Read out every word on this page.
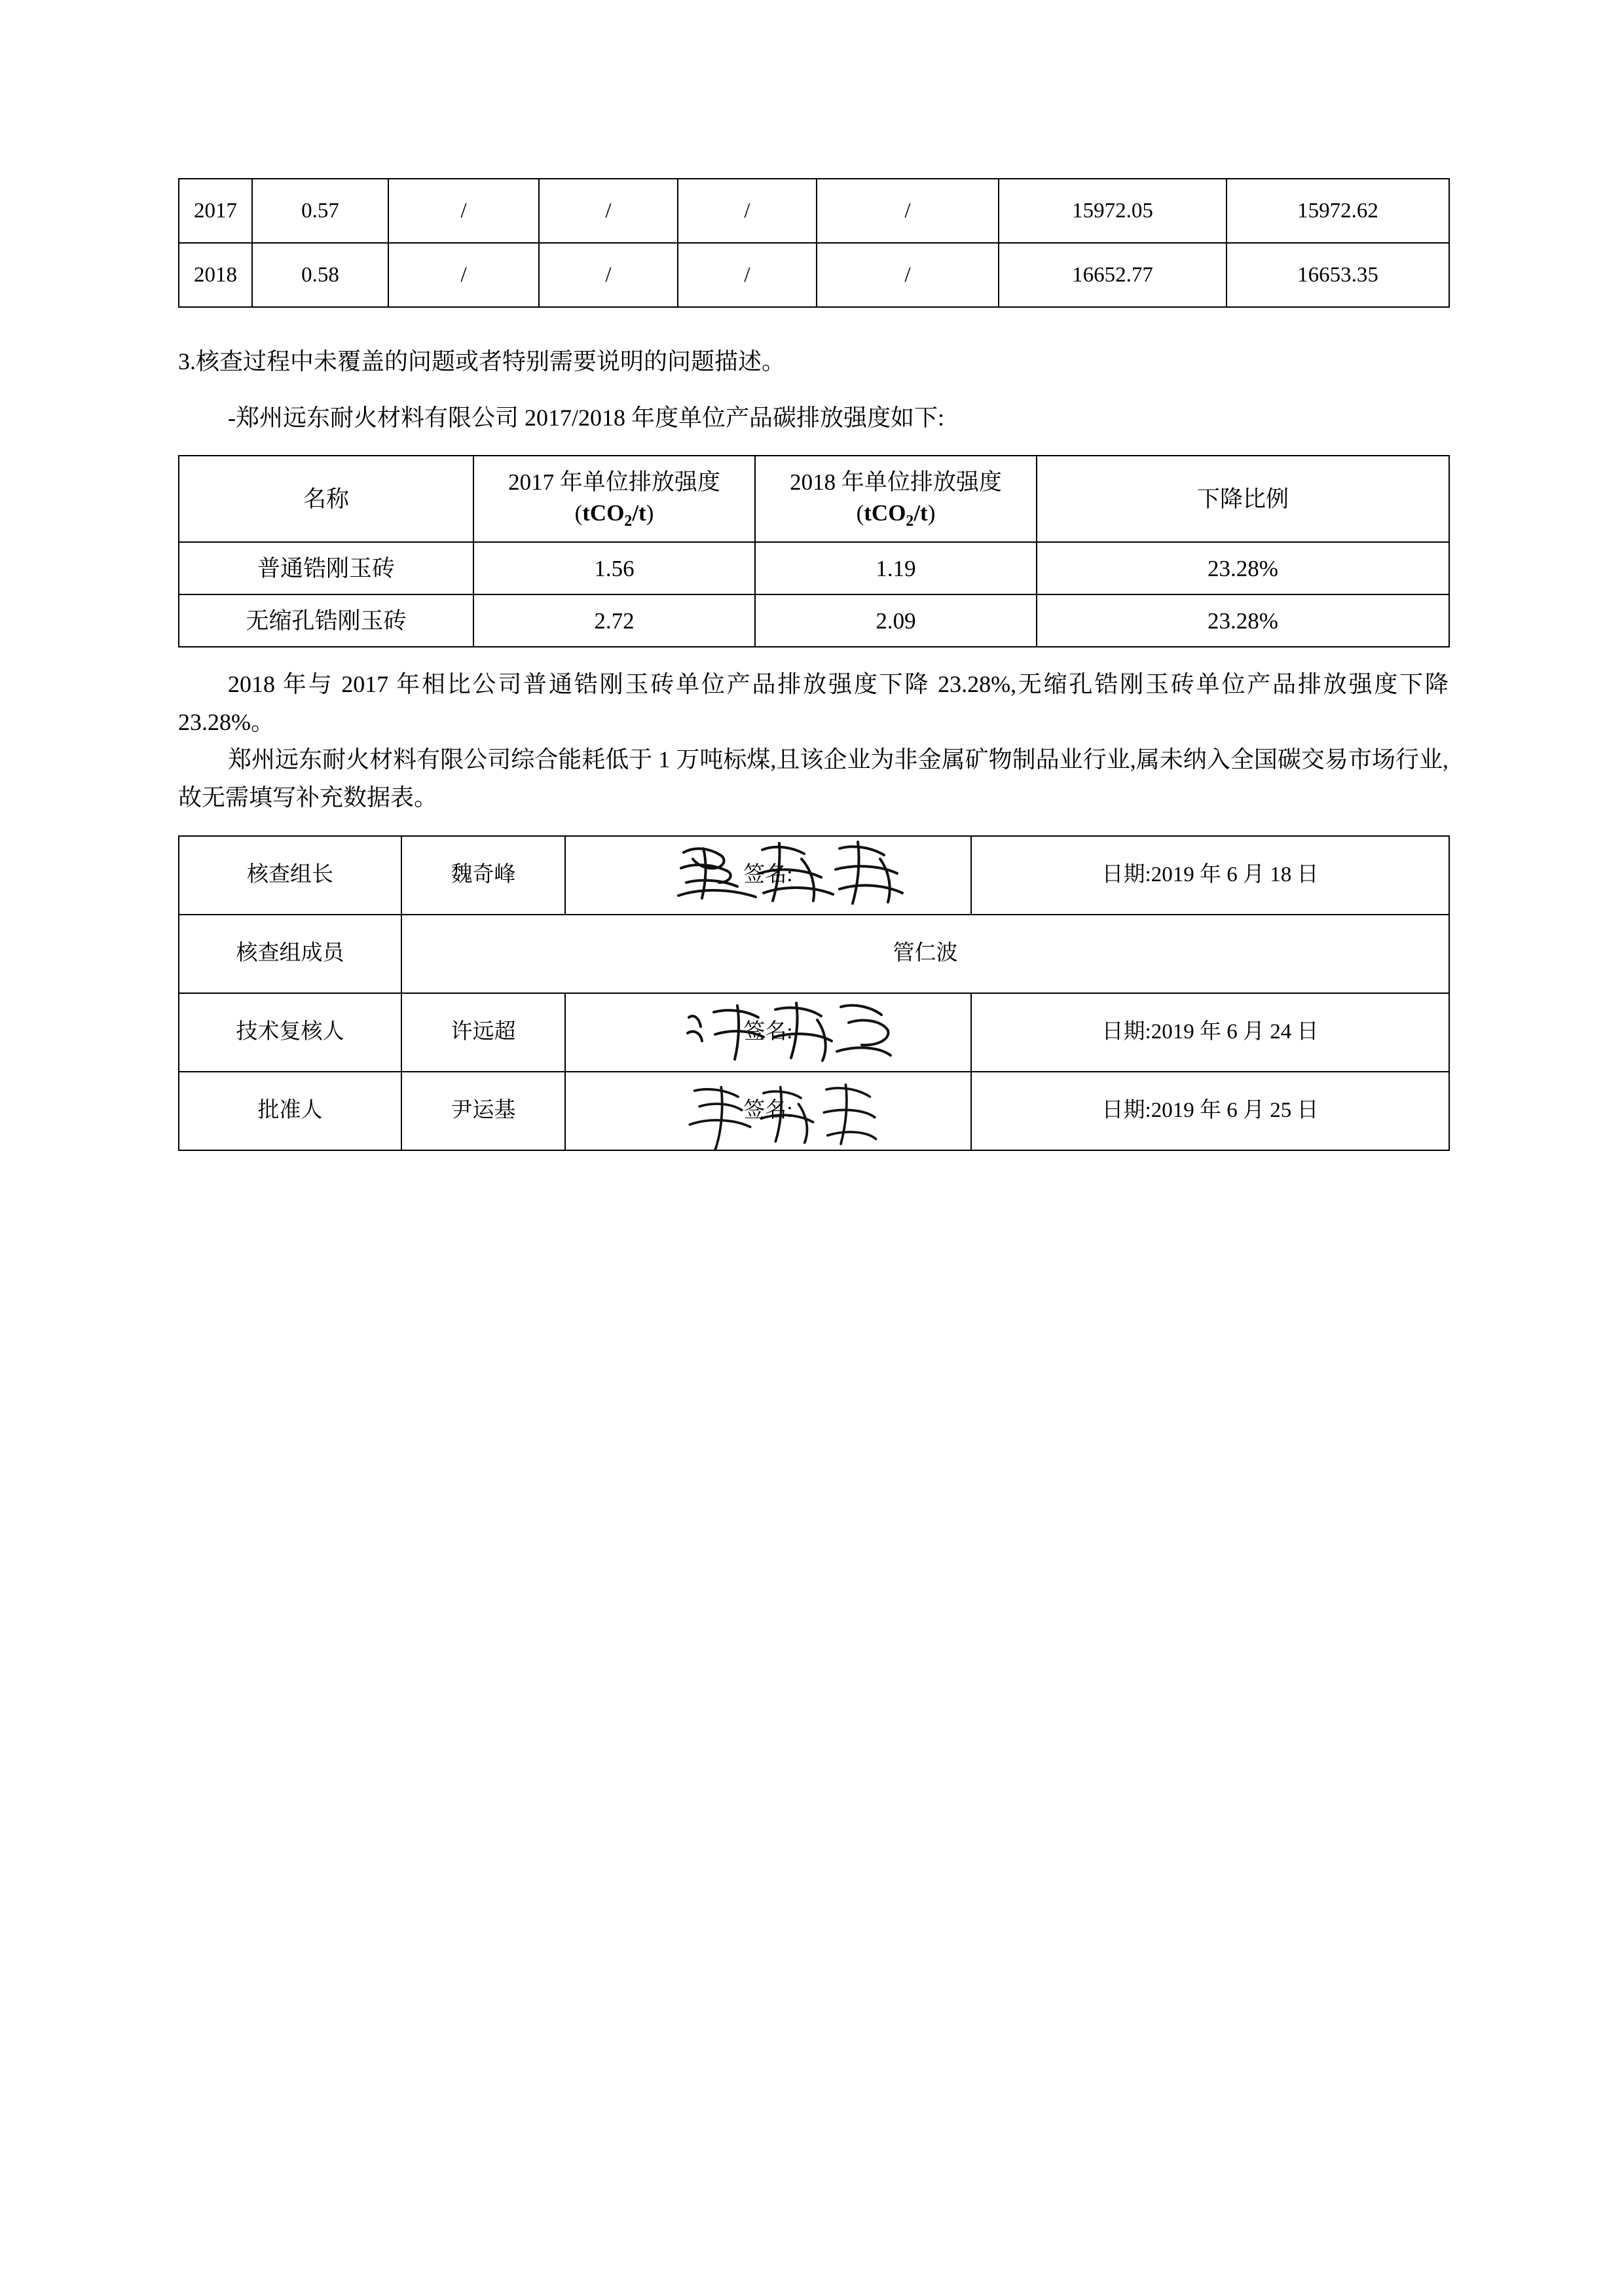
2017	0.57	/	/	/	/	15972.05	15972.62
2018	0.58	/	/	/	/	16652.77	16653.35

3.核查过程中未覆盖的问题或者特别需要说明的问题描述。

-郑州远东耐火材料有限公司 2017/2018 年度单位产品碳排放强度如下:

名称	2017 年单位排放强度(tCO$_2$/t)	2018 年单位排放强度(tCO$_2$/t)	下降比例
普通锆刚玉砖	1.56	1.19	23.28%
无缩孔锆刚玉砖	2.72	2.09	23.28%

2018 年与 2017 年相比公司普通锆刚玉砖单位产品排放强度下降 23.28%,无缩孔锆刚玉砖单位产品排放强度下降 23.28%。

郑州远东耐火材料有限公司综合能耗低于 1 万吨标煤,且该企业为非金属矿物制品业行业,属未纳入全国碳交易市场行业,故无需填写补充数据表。

核查组长	魏奇峰	签名:	日期:2019 年 6 月 18 日
核查组成员	管仁波		
技术复核人	许远超	签名:	日期:2019 年 6 月 24 日
批准人	尹运基	签名:	日期:2019 年 6 月 25 日
